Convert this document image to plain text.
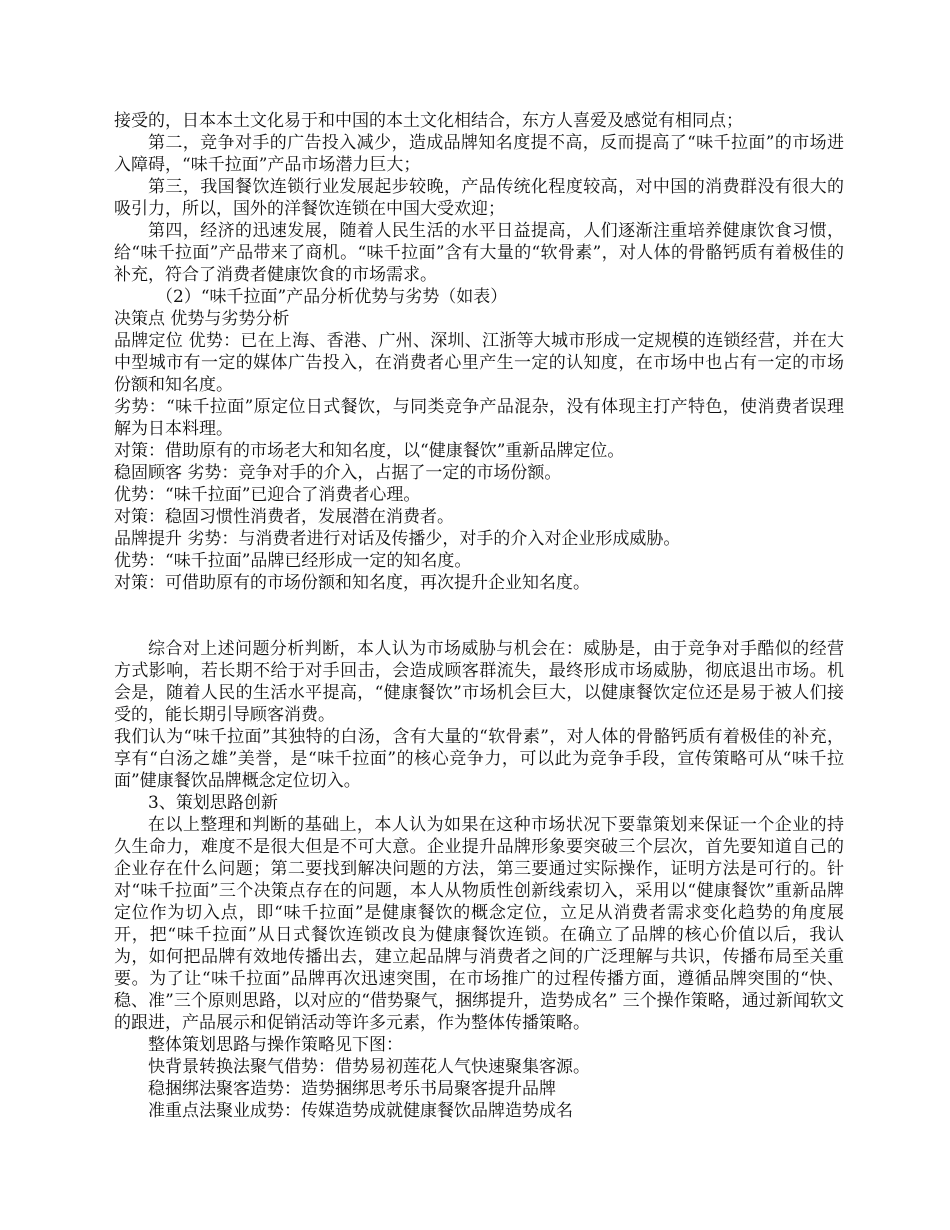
接受的，日本本土文化易于和中国的本土文化相结合，东方人喜爱及感觉有相同点；

第二，竞争对手的广告投入减少，造成品牌知名度提不高，反而提高了“味千拉面”的市场进入障碍，“味千拉面”产品市场潜力巨大；

第三，我国餐饮连锁行业发展起步较晚，产品传统化程度较高，对中国的消费群没有很大的吸引力，所以，国外的洋餐饮连锁在中国大受欢迎；

第四，经济的迅速发展，随着人民生活的水平日益提高，人们逐渐注重培养健康饮食习惯，给“味千拉面”产品带来了商机。“味千拉面”含有大量的“软骨素”，对人体的骨骼钙质有着极佳的补充，符合了消费者健康饮食的市场需求。

（2）“味千拉面”产品分析优势与劣势（如表）

决策点 优势与劣势分析

品牌定位 优势：已在上海、香港、广州、深圳、江浙等大城市形成一定规模的连锁经营，并在大中型城市有一定的媒体广告投入，在消费者心里产生一定的认知度，在市场中也占有一定的市场份额和知名度。

劣势：“味千拉面”原定位日式餐饮，与同类竞争产品混杂，没有体现主打产特色，使消费者误理解为日本料理。

对策：借助原有的市场老大和知名度，以“健康餐饮”重新品牌定位。

稳固顾客 劣势：竞争对手的介入，占据了一定的市场份额。

优势：“味千拉面”已迎合了消费者心理。

对策：稳固习惯性消费者，发展潜在消费者。

品牌提升 劣势：与消费者进行对话及传播少，对手的介入对企业形成威胁。

优势：“味千拉面”品牌已经形成一定的知名度。

对策：可借助原有的市场份额和知名度，再次提升企业知名度。

综合对上述问题分析判断，本人认为市场威胁与机会在：威胁是，由于竞争对手酷似的经营方式影响，若长期不给于对手回击，会造成顾客群流失，最终形成市场威胁，彻底退出市场。机会是，随着人民的生活水平提高，“健康餐饮”市场机会巨大，以健康餐饮定位还是易于被人们接受的，能长期引导顾客消费。

我们认为“味千拉面”其独特的白汤，含有大量的“软骨素”，对人体的骨骼钙质有着极佳的补充，享有“白汤之雄”美誉，是“味千拉面”的核心竞争力，可以此为竞争手段，宣传策略可从“味千拉面”健康餐饮品牌概念定位切入。

3、策划思路创新

在以上整理和判断的基础上，本人认为如果在这种市场状况下要靠策划来保证一个企业的持久生命力，难度不是很大但是不可大意。企业提升品牌形象要突破三个层次，首先要知道自己的企业存在什么问题；第二要找到解决问题的方法，第三要通过实际操作，证明方法是可行的。针对“味千拉面”三个决策点存在的问题，本人从物质性创新线索切入，采用以“健康餐饮”重新品牌定位作为切入点，即“味千拉面”是健康餐饮的概念定位，立足从消费者需求变化趋势的角度展开，把“味千拉面”从日式餐饮连锁改良为健康餐饮连锁。在确立了品牌的核心价值以后，我认为，如何把品牌有效地传播出去，建立起品牌与消费者之间的广泛理解与共识，传播布局至关重要。为了让“味千拉面”品牌再次迅速突围，在市场推广的过程传播方面，遵循品牌突围的“快、稳、准”三个原则思路，以对应的“借势聚气，捆绑提升，造势成名” 三个操作策略，通过新闻软文的跟进，产品展示和促销活动等许多元素，作为整体传播策略。

整体策划思路与操作策略见下图：

快背景转换法聚气借势：借势易初莲花人气快速聚集客源。

稳捆绑法聚客造势：造势捆绑思考乐书局聚客提升品牌

准重点法聚业成势：传媒造势成就健康餐饮品牌造势成名
